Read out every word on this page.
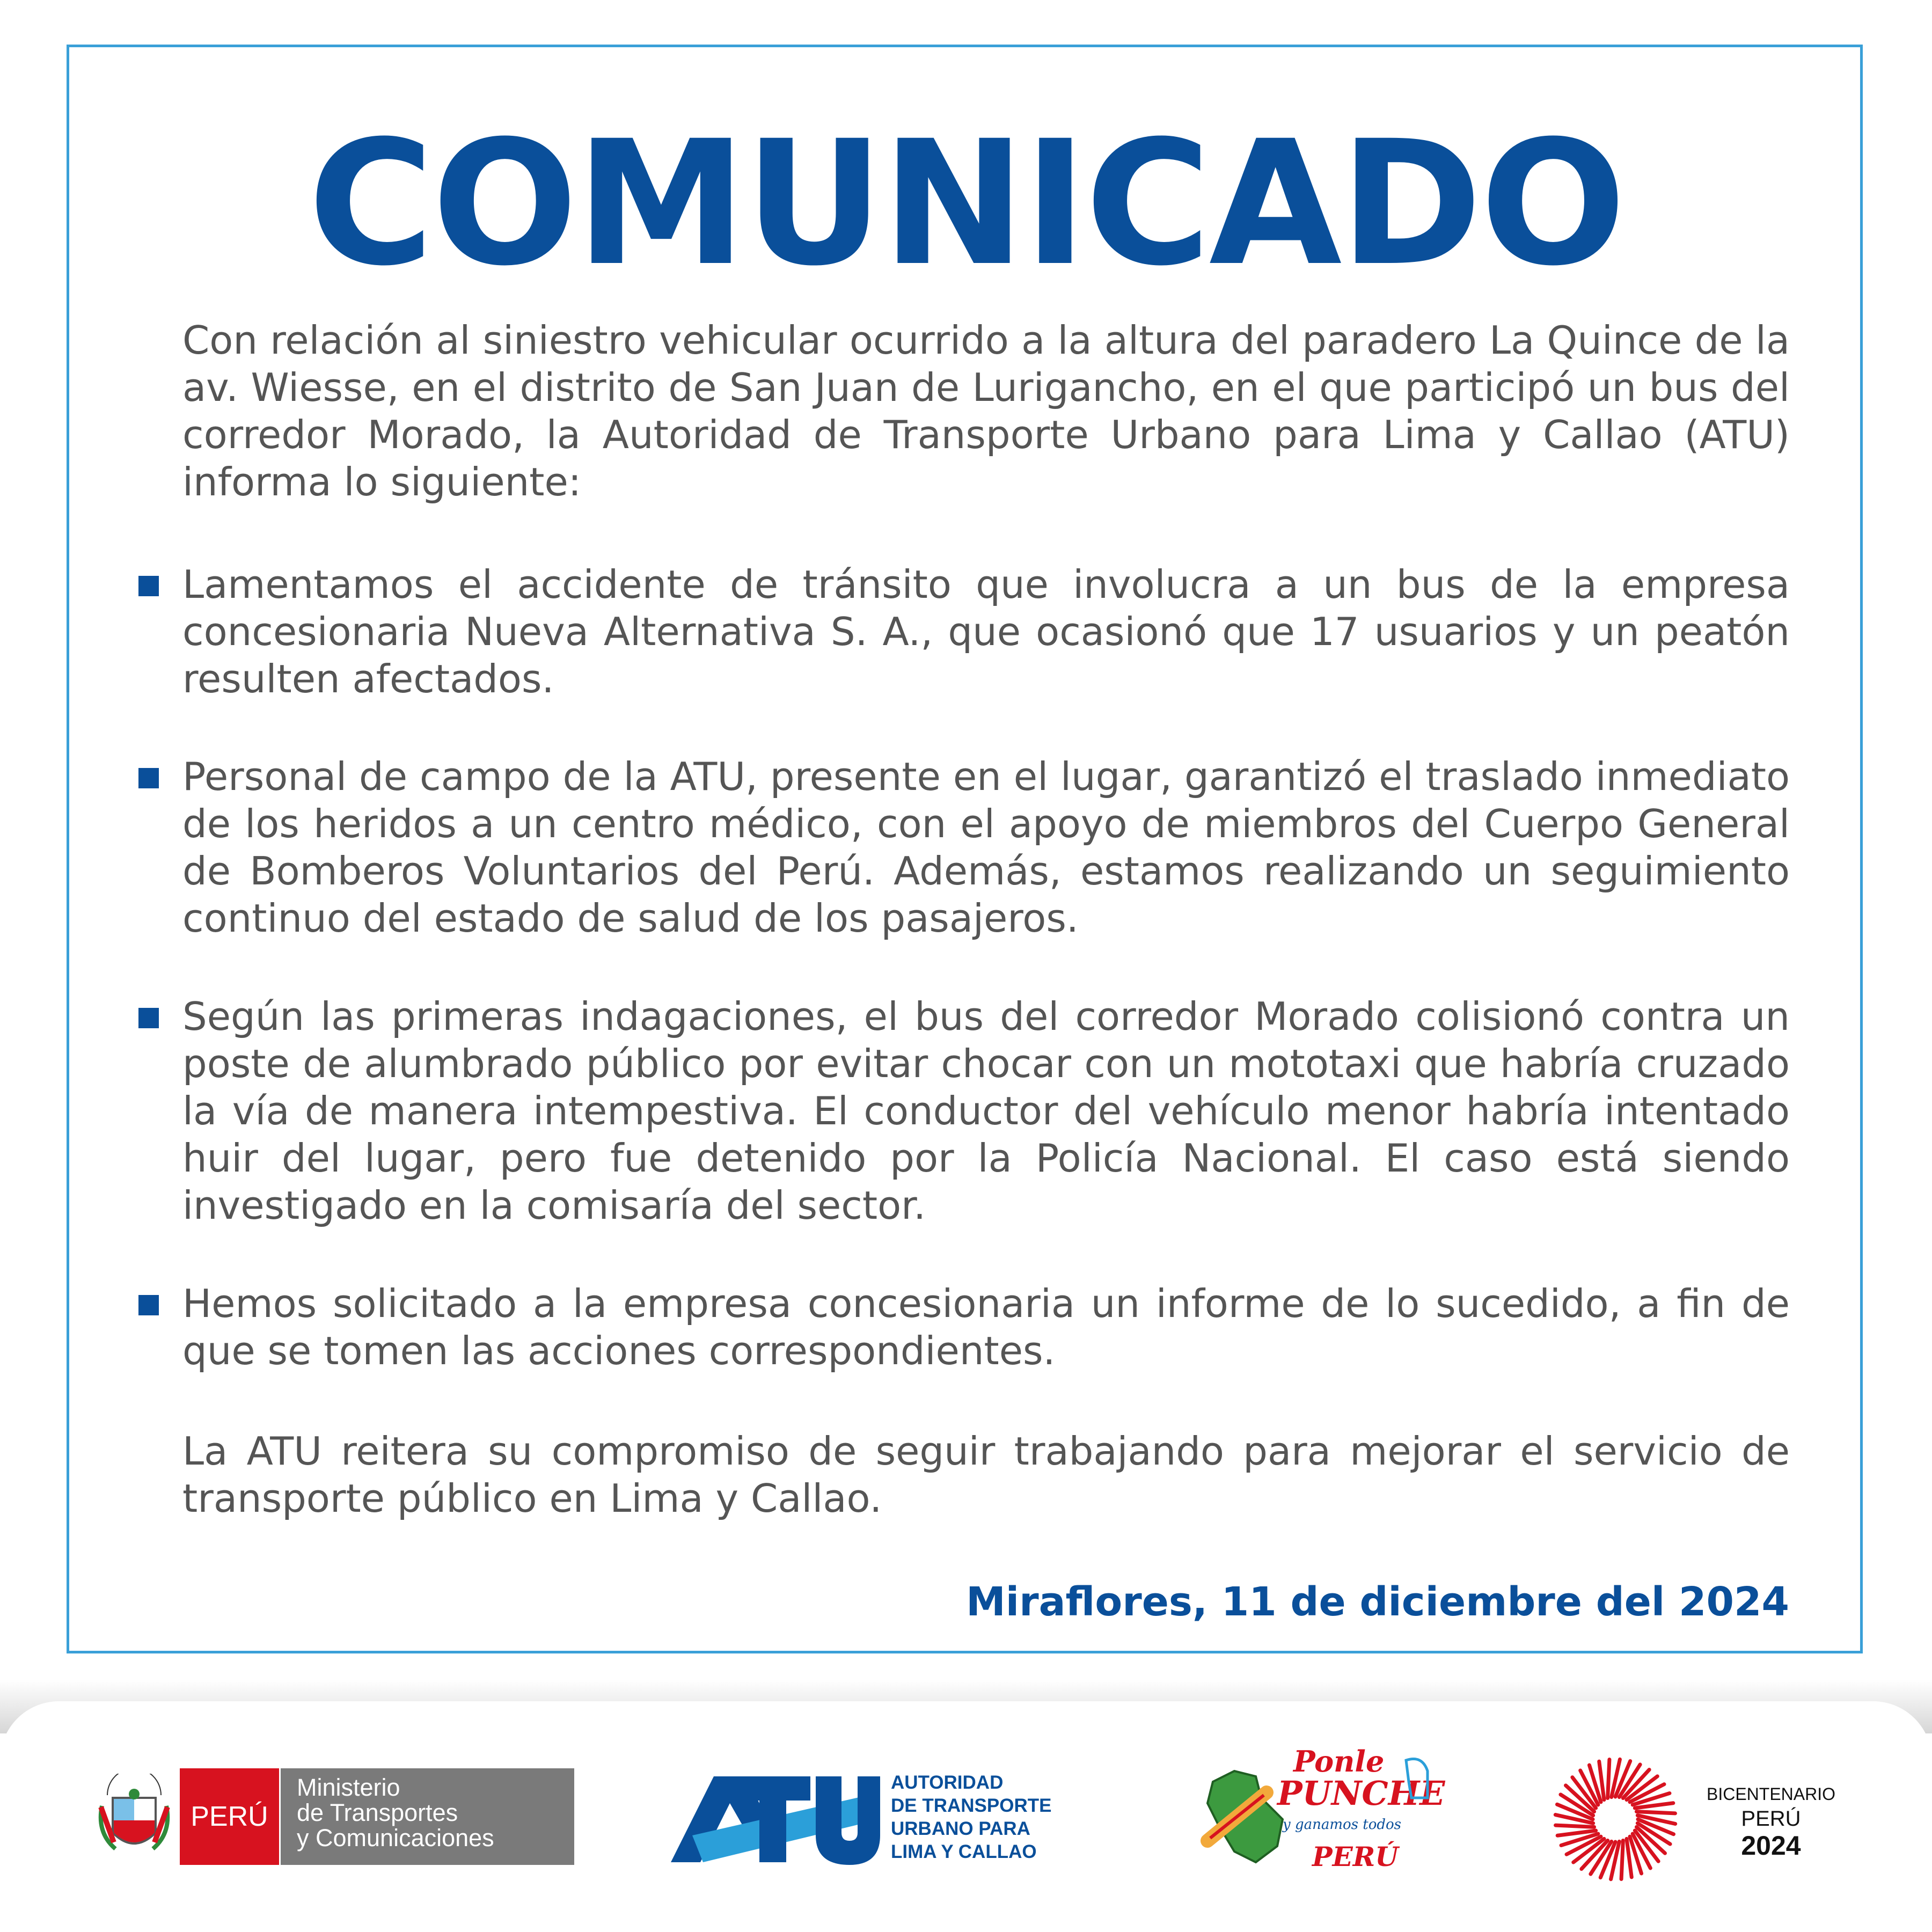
COMUNICADO
Con relación al siniestro vehicular ocurrido a la altura del paradero La Quince de la av. Wiesse, en el distrito de San Juan de Lurigancho, en el que participó un bus del corredor Morado, la Autoridad de Transporte Urbano para Lima y Callao (ATU) informa lo siguiente:
Lamentamos el accidente de tránsito que involucra a un bus de la empresa concesionaria Nueva Alternativa S. A., que ocasionó que 17 usuarios y un peatón resulten afectados.
Personal de campo de la ATU, presente en el lugar, garantizó el traslado inmediato de los heridos a un centro médico, con el apoyo de miembros del Cuerpo General de Bomberos Voluntarios del Perú. Además, estamos realizando un seguimiento continuo del estado de salud de los pasajeros.
Según las primeras indagaciones, el bus del corredor Morado colisionó contra un poste de alumbrado público por evitar chocar con un mototaxi que habría cruzado la vía de manera intempestiva. El conductor del vehículo menor habría intentado huir del lugar, pero fue detenido por la Policía Nacional. El caso está siendo investigado en la comisaría del sector.
Hemos solicitado a la empresa concesionaria un informe de lo sucedido, a fin de que se tomen las acciones correspondientes.
La ATU reitera su compromiso de seguir trabajando para mejorar el servicio de transporte público en Lima y Callao.
Miraflores, 11 de diciembre del 2024
PERÚ
Ministerio
de Transportes
y Comunicaciones
AUTORIDAD
DE TRANSPORTE
URBANO PARA
LIMA Y CALLAO
Ponle
PUNCHE
y ganamos todos
PERÚ
BICENTENARIO
PERÚ
2024
